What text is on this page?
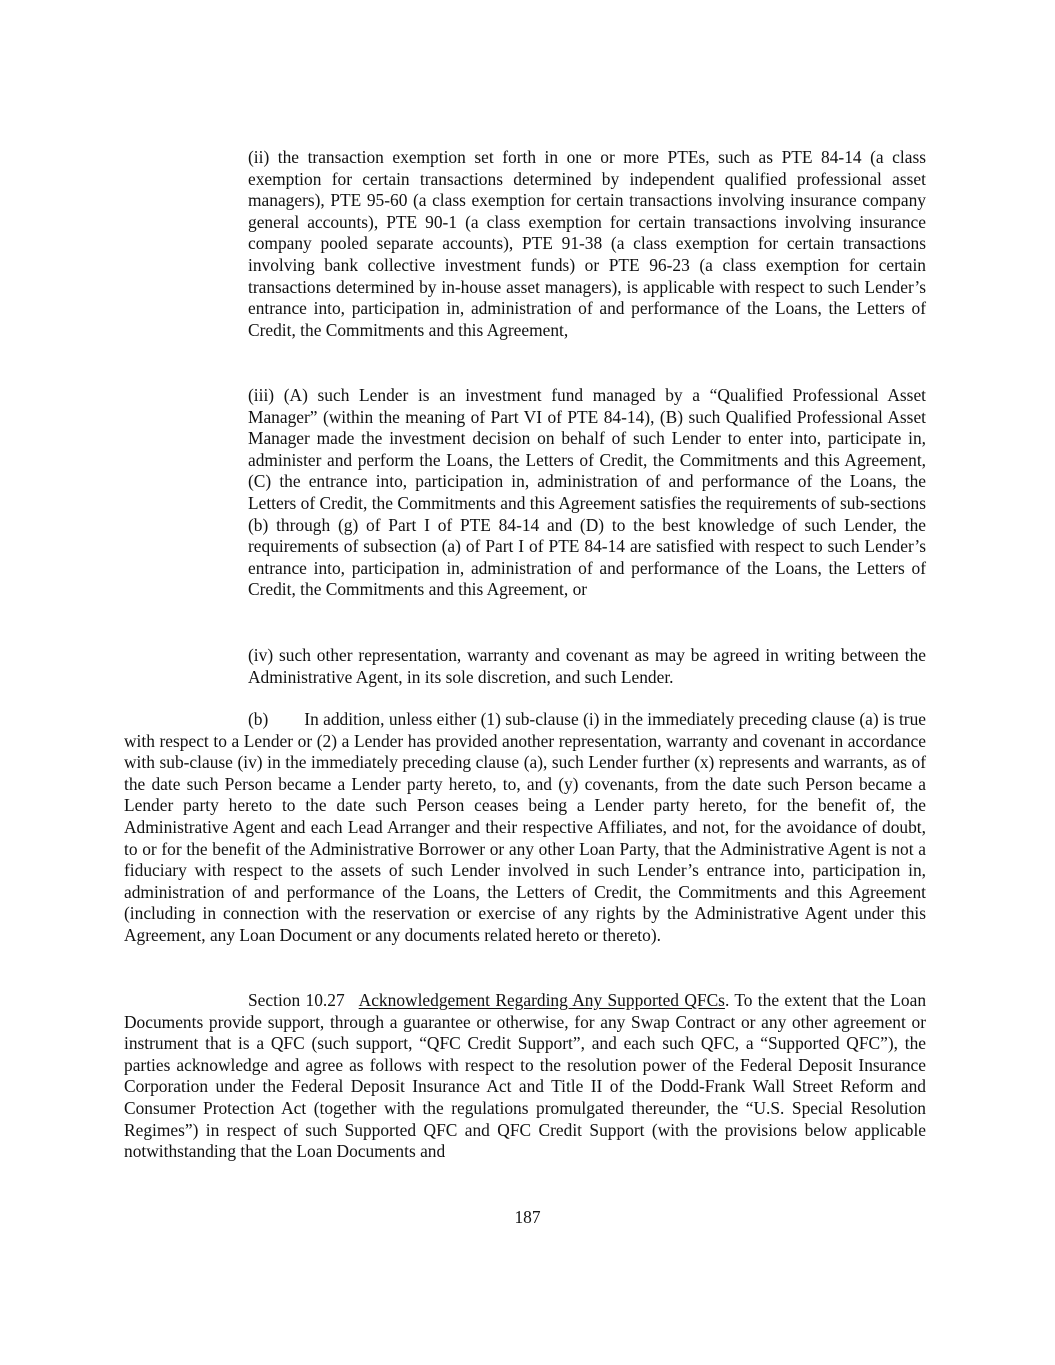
(ii) the transaction exemption set forth in one or more PTEs, such as PTE 84-14 (a class exemption for certain transactions determined by independent qualified professional asset managers), PTE 95-60 (a class exemption for certain transactions involving insurance company general accounts), PTE 90-1 (a class exemption for certain transactions involving insurance company pooled separate accounts), PTE 91-38 (a class exemption for certain transactions involving bank collective investment funds) or PTE 96-23 (a class exemption for certain transactions determined by in-house asset managers), is applicable with respect to such Lender’s entrance into, participation in, administration of and performance of the Loans, the Letters of Credit, the Commitments and this Agreement,

(iii) (A) such Lender is an investment fund managed by a “Qualified Professional Asset Manager” (within the meaning of Part VI of PTE 84-14), (B) such Qualified Professional Asset Manager made the investment decision on behalf of such Lender to enter into, participate in, administer and perform the Loans, the Letters of Credit, the Commitments and this Agreement, (C) the entrance into, participation in, administration of and performance of the Loans, the Letters of Credit, the Commitments and this Agreement satisfies the requirements of sub-sections (b) through (g) of Part I of PTE 84-14 and (D) to the best knowledge of such Lender, the requirements of subsection (a) of Part I of PTE 84-14 are satisfied with respect to such Lender’s entrance into, participation in, administration of and performance of the Loans, the Letters of Credit, the Commitments and this Agreement, or

(iv) such other representation, warranty and covenant as may be agreed in writing between the Administrative Agent, in its sole discretion, and such Lender.

(b) In addition, unless either (1) sub-clause (i) in the immediately preceding clause (a) is true with respect to a Lender or (2) a Lender has provided another representation, warranty and covenant in accordance with sub-clause (iv) in the immediately preceding clause (a), such Lender further (x) represents and warrants, as of the date such Person became a Lender party hereto, to, and (y) covenants, from the date such Person became a Lender party hereto to the date such Person ceases being a Lender party hereto, for the benefit of, the Administrative Agent and each Lead Arranger and their respective Affiliates, and not, for the avoidance of doubt, to or for the benefit of the Administrative Borrower or any other Loan Party, that the Administrative Agent is not a fiduciary with respect to the assets of such Lender involved in such Lender’s entrance into, participation in, administration of and performance of the Loans, the Letters of Credit, the Commitments and this Agreement (including in connection with the reservation or exercise of any rights by the Administrative Agent under this Agreement, any Loan Document or any documents related hereto or thereto).

Section 10.27 Acknowledgement Regarding Any Supported QFCs. To the extent that the Loan Documents provide support, through a guarantee or otherwise, for any Swap Contract or any other agreement or instrument that is a QFC (such support, “QFC Credit Support”, and each such QFC, a “Supported QFC”), the parties acknowledge and agree as follows with respect to the resolution power of the Federal Deposit Insurance Corporation under the Federal Deposit Insurance Act and Title II of the Dodd-Frank Wall Street Reform and Consumer Protection Act (together with the regulations promulgated thereunder, the “U.S. Special Resolution Regimes”) in respect of such Supported QFC and QFC Credit Support (with the provisions below applicable notwithstanding that the Loan Documents and

187
